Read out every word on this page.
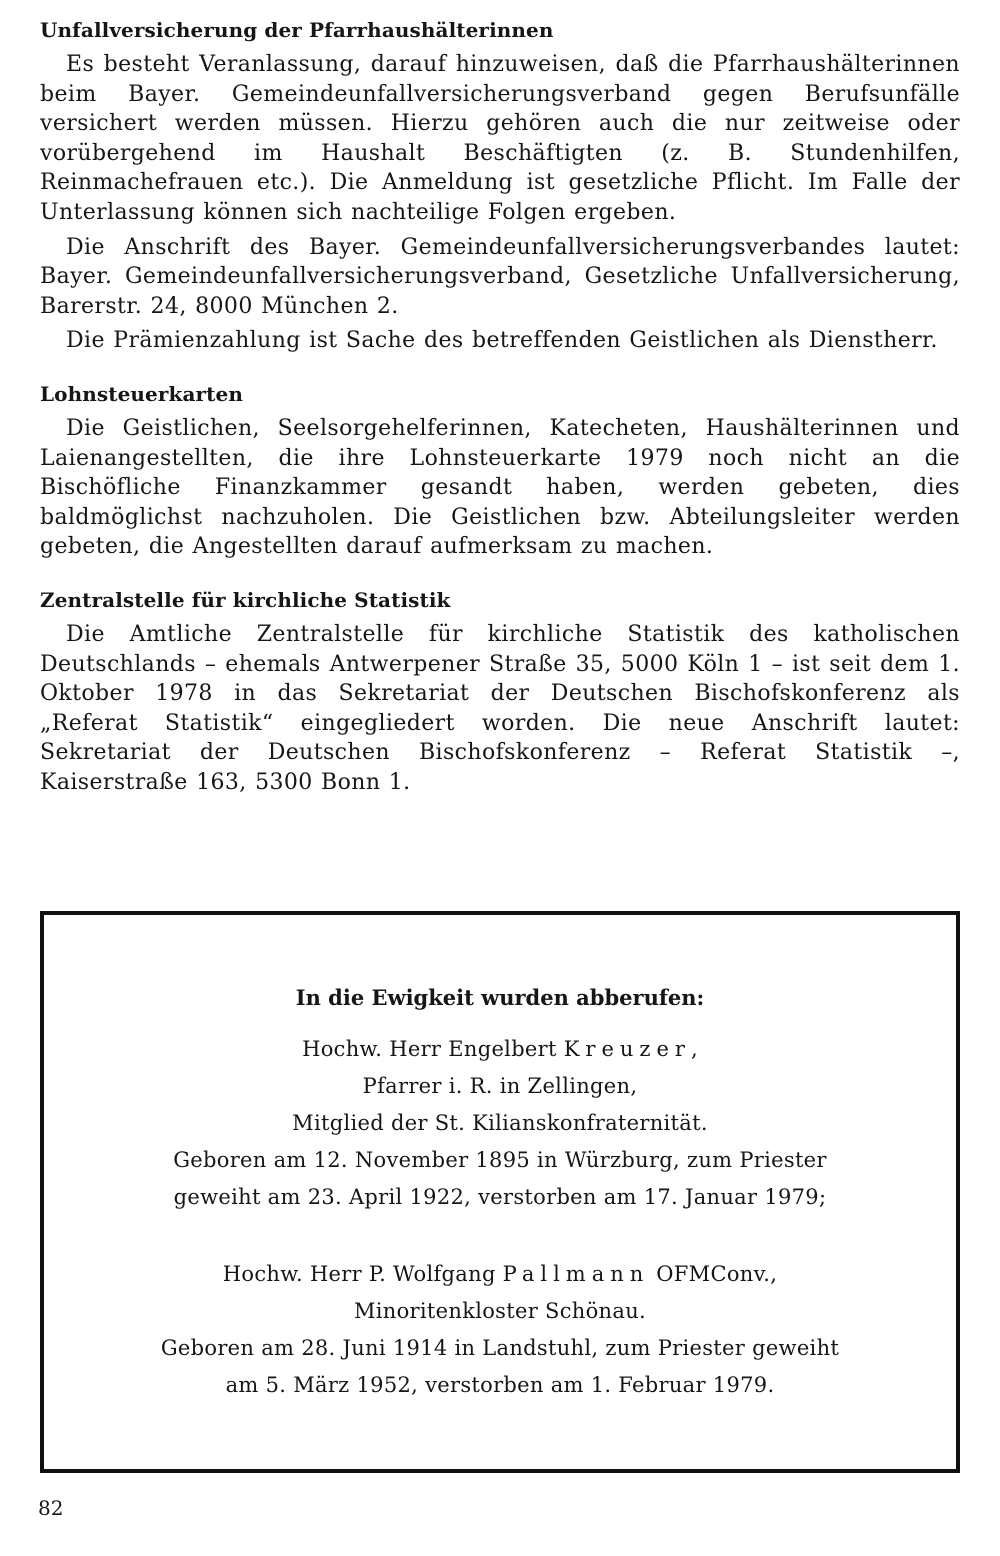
Unfallversicherung der Pfarrhaushälterinnen

Es besteht Veranlassung, darauf hinzuweisen, daß die Pfarrhaushälterinnen beim Bayer. Gemeindeunfallversicherungsverband gegen Berufsunfälle versichert werden müssen. Hierzu gehören auch die nur zeitweise oder vorübergehend im Haushalt Beschäftigten (z. B. Stundenhilfen, Reinmachefrauen etc.). Die Anmeldung ist gesetzliche Pflicht. Im Falle der Unterlassung können sich nachteilige Folgen ergeben.

Die Anschrift des Bayer. Gemeindeunfallversicherungsverbandes lautet: Bayer. Gemeindeunfallversicherungsverband, Gesetzliche Unfallversicherung, Barerstr. 24, 8000 München 2.

Die Prämienzahlung ist Sache des betreffenden Geistlichen als Dienstherr.

Lohnsteuerkarten

Die Geistlichen, Seelsorgehelferinnen, Katecheten, Haushälterinnen und Laienangestellten, die ihre Lohnsteuerkarte 1979 noch nicht an die Bischöfliche Finanzkammer gesandt haben, werden gebeten, dies baldmöglichst nachzuholen. Die Geistlichen bzw. Abteilungsleiter werden gebeten, die Angestellten darauf aufmerksam zu machen.

Zentralstelle für kirchliche Statistik

Die Amtliche Zentralstelle für kirchliche Statistik des katholischen Deutschlands – ehemals Antwerpener Straße 35, 5000 Köln 1 – ist seit dem 1. Oktober 1978 in das Sekretariat der Deutschen Bischofskonferenz als „Referat Statistik“ eingegliedert worden. Die neue Anschrift lautet: Sekretariat der Deutschen Bischofskonferenz – Referat Statistik –, Kaiserstraße 163, 5300 Bonn 1.

In die Ewigkeit wurden abberufen:

Hochw. Herr Engelbert Kreuzer,

Pfarrer i. R. in Zellingen,

Mitglied der St. Kilianskonfraternität.

Geboren am 12. November 1895 in Würzburg, zum Priester

geweiht am 23. April 1922, verstorben am 17. Januar 1979;

Hochw. Herr P. Wolfgang Pallmann OFMConv.,

Minoritenkloster Schönau.

Geboren am 28. Juni 1914 in Landstuhl, zum Priester geweiht

am 5. März 1952, verstorben am 1. Februar 1979.

82
